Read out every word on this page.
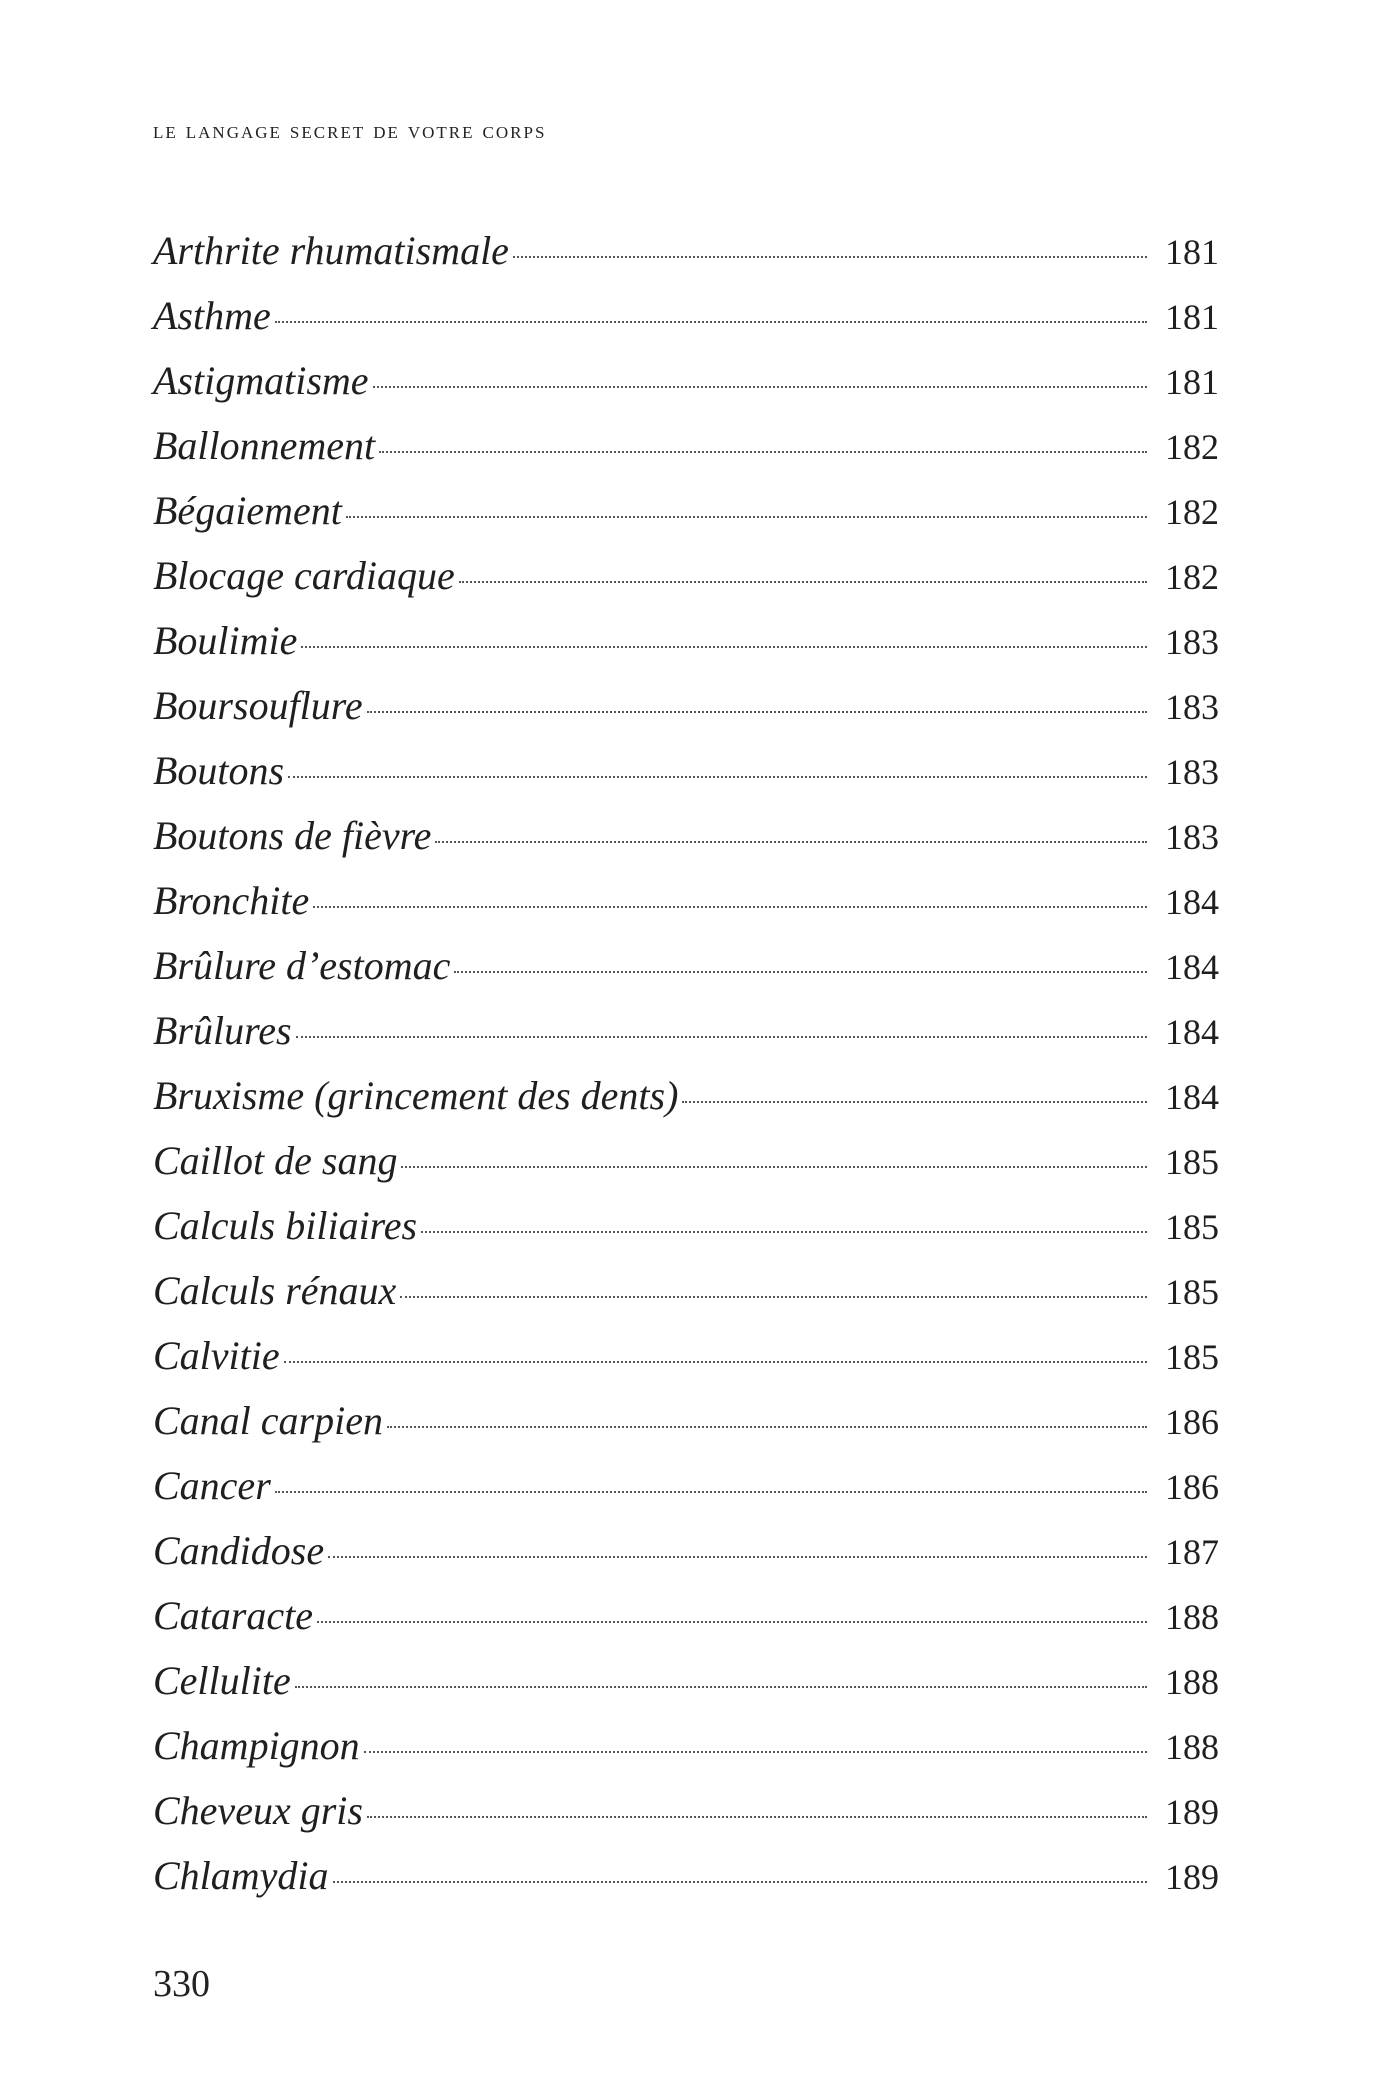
le langage secret de votre corps
Arthrite rhumatismale	181
Asthme	181
Astigmatisme	181
Ballonnement	182
Bégaiement	182
Blocage cardiaque	182
Boulimie	183
Boursouflure	183
Boutons	183
Boutons de fièvre	183
Bronchite	184
Brûlure d’estomac	184
Brûlures	184
Bruxisme (grincement des dents)	184
Caillot de sang	185
Calculs biliaires	185
Calculs rénaux	185
Calvitie	185
Canal carpien	186
Cancer	186
Candidose	187
Cataracte	188
Cellulite	188
Champignon	188
Cheveux gris	189
Chlamydia	189
330
